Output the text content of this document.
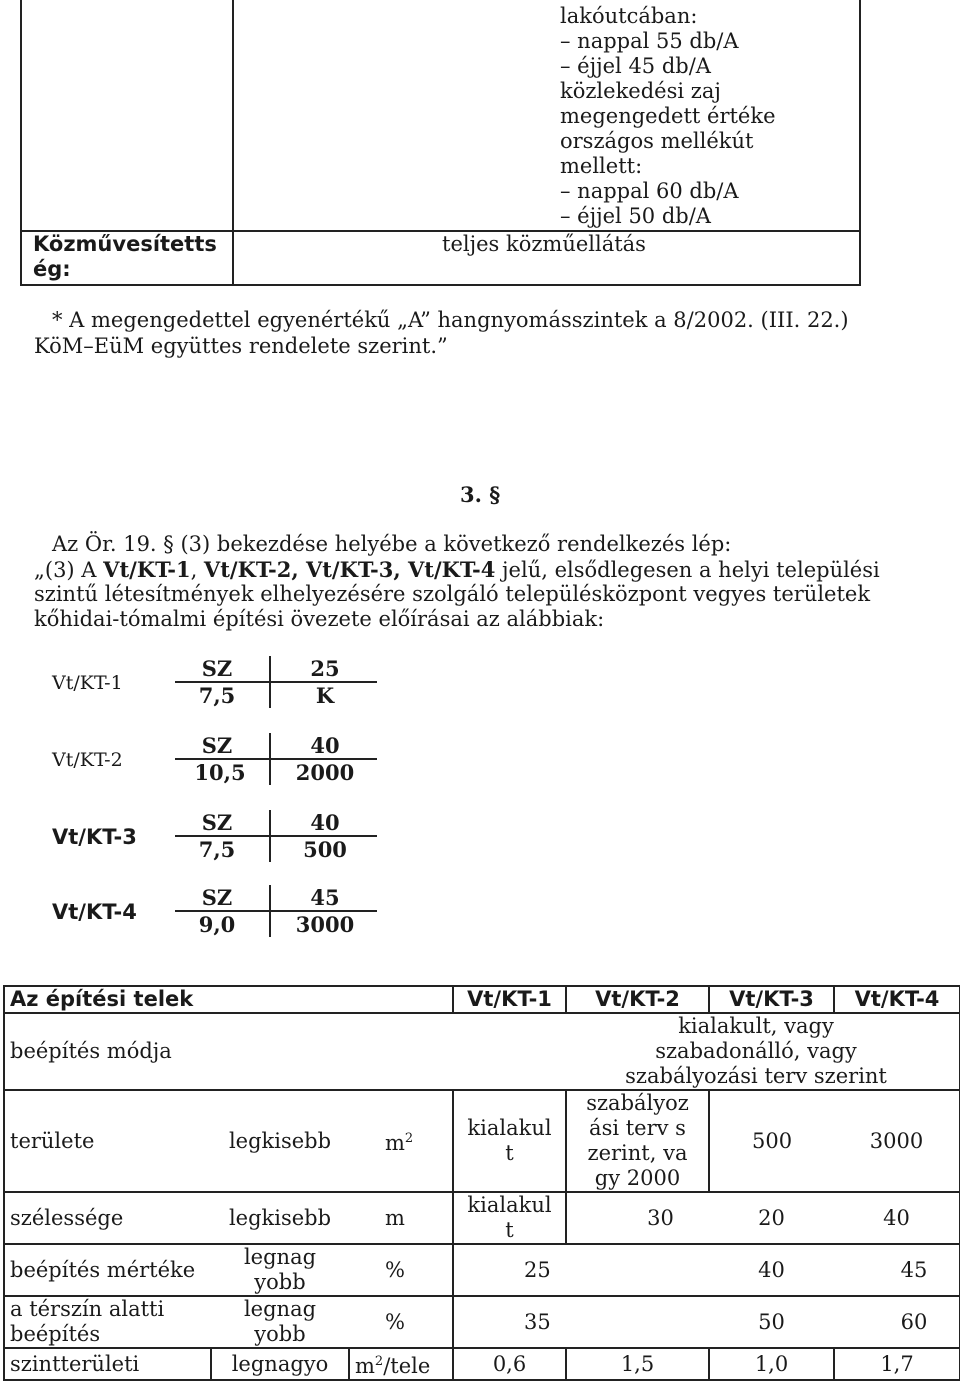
lakóutcában:
– nappal 55 db/A
– éjjel 45 db/A
közlekedési zaj
megengedett értéke
országos mellékút
mellett:
– nappal 60 db/A
– éjjel 50 db/A
Közművesítetts
ég:
teljes közműellátás
* A megengedettel egyenértékű „A” hangnyomásszintek a 8/2002. (III. 22.)
KöM–EüM együttes rendelete szerint.”
3. §
Az Ör. 19. § (3) bekezdése helyébe a következő rendelkezés lép:
„(3) A Vt/KT-1, Vt/KT-2, Vt/KT-3, Vt/KT-4 jelű, elsődlegesen a helyi települési
szintű létesítmények elhelyezésére szolgáló településközpont vegyes területek
kőhidai-tómalmi építési övezete előírásai az alábbiak:
Vt/KT-1
SZ	25
7,5	K
Vt/KT-2
SZ	40
10,5	2000
Vt/KT-3
SZ	40
7,5	500
Vt/KT-4
SZ	45
9,0	3000
Az építési telek			Vt/KT-1	Vt/KT-2	Vt/KT-3	Vt/KT-4
beépítés módja			kialakult, vagy szabadonálló, vagy szabályozási terv szerint			
területe	legkisebb	$m^2$	kialakult	szabályozási terv szerint, vagy 2000	500	3000
szélessége	legkisebb	m	kialakult	30	20	40
beépítés mértéke	legnagyobb	%	25		40	45
a térszín alatti beépítés	legnagyobb	%	35		50	60
szintterületi	legnagyo	$m^2$/tele	0,6	1,5	1,0	1,7
